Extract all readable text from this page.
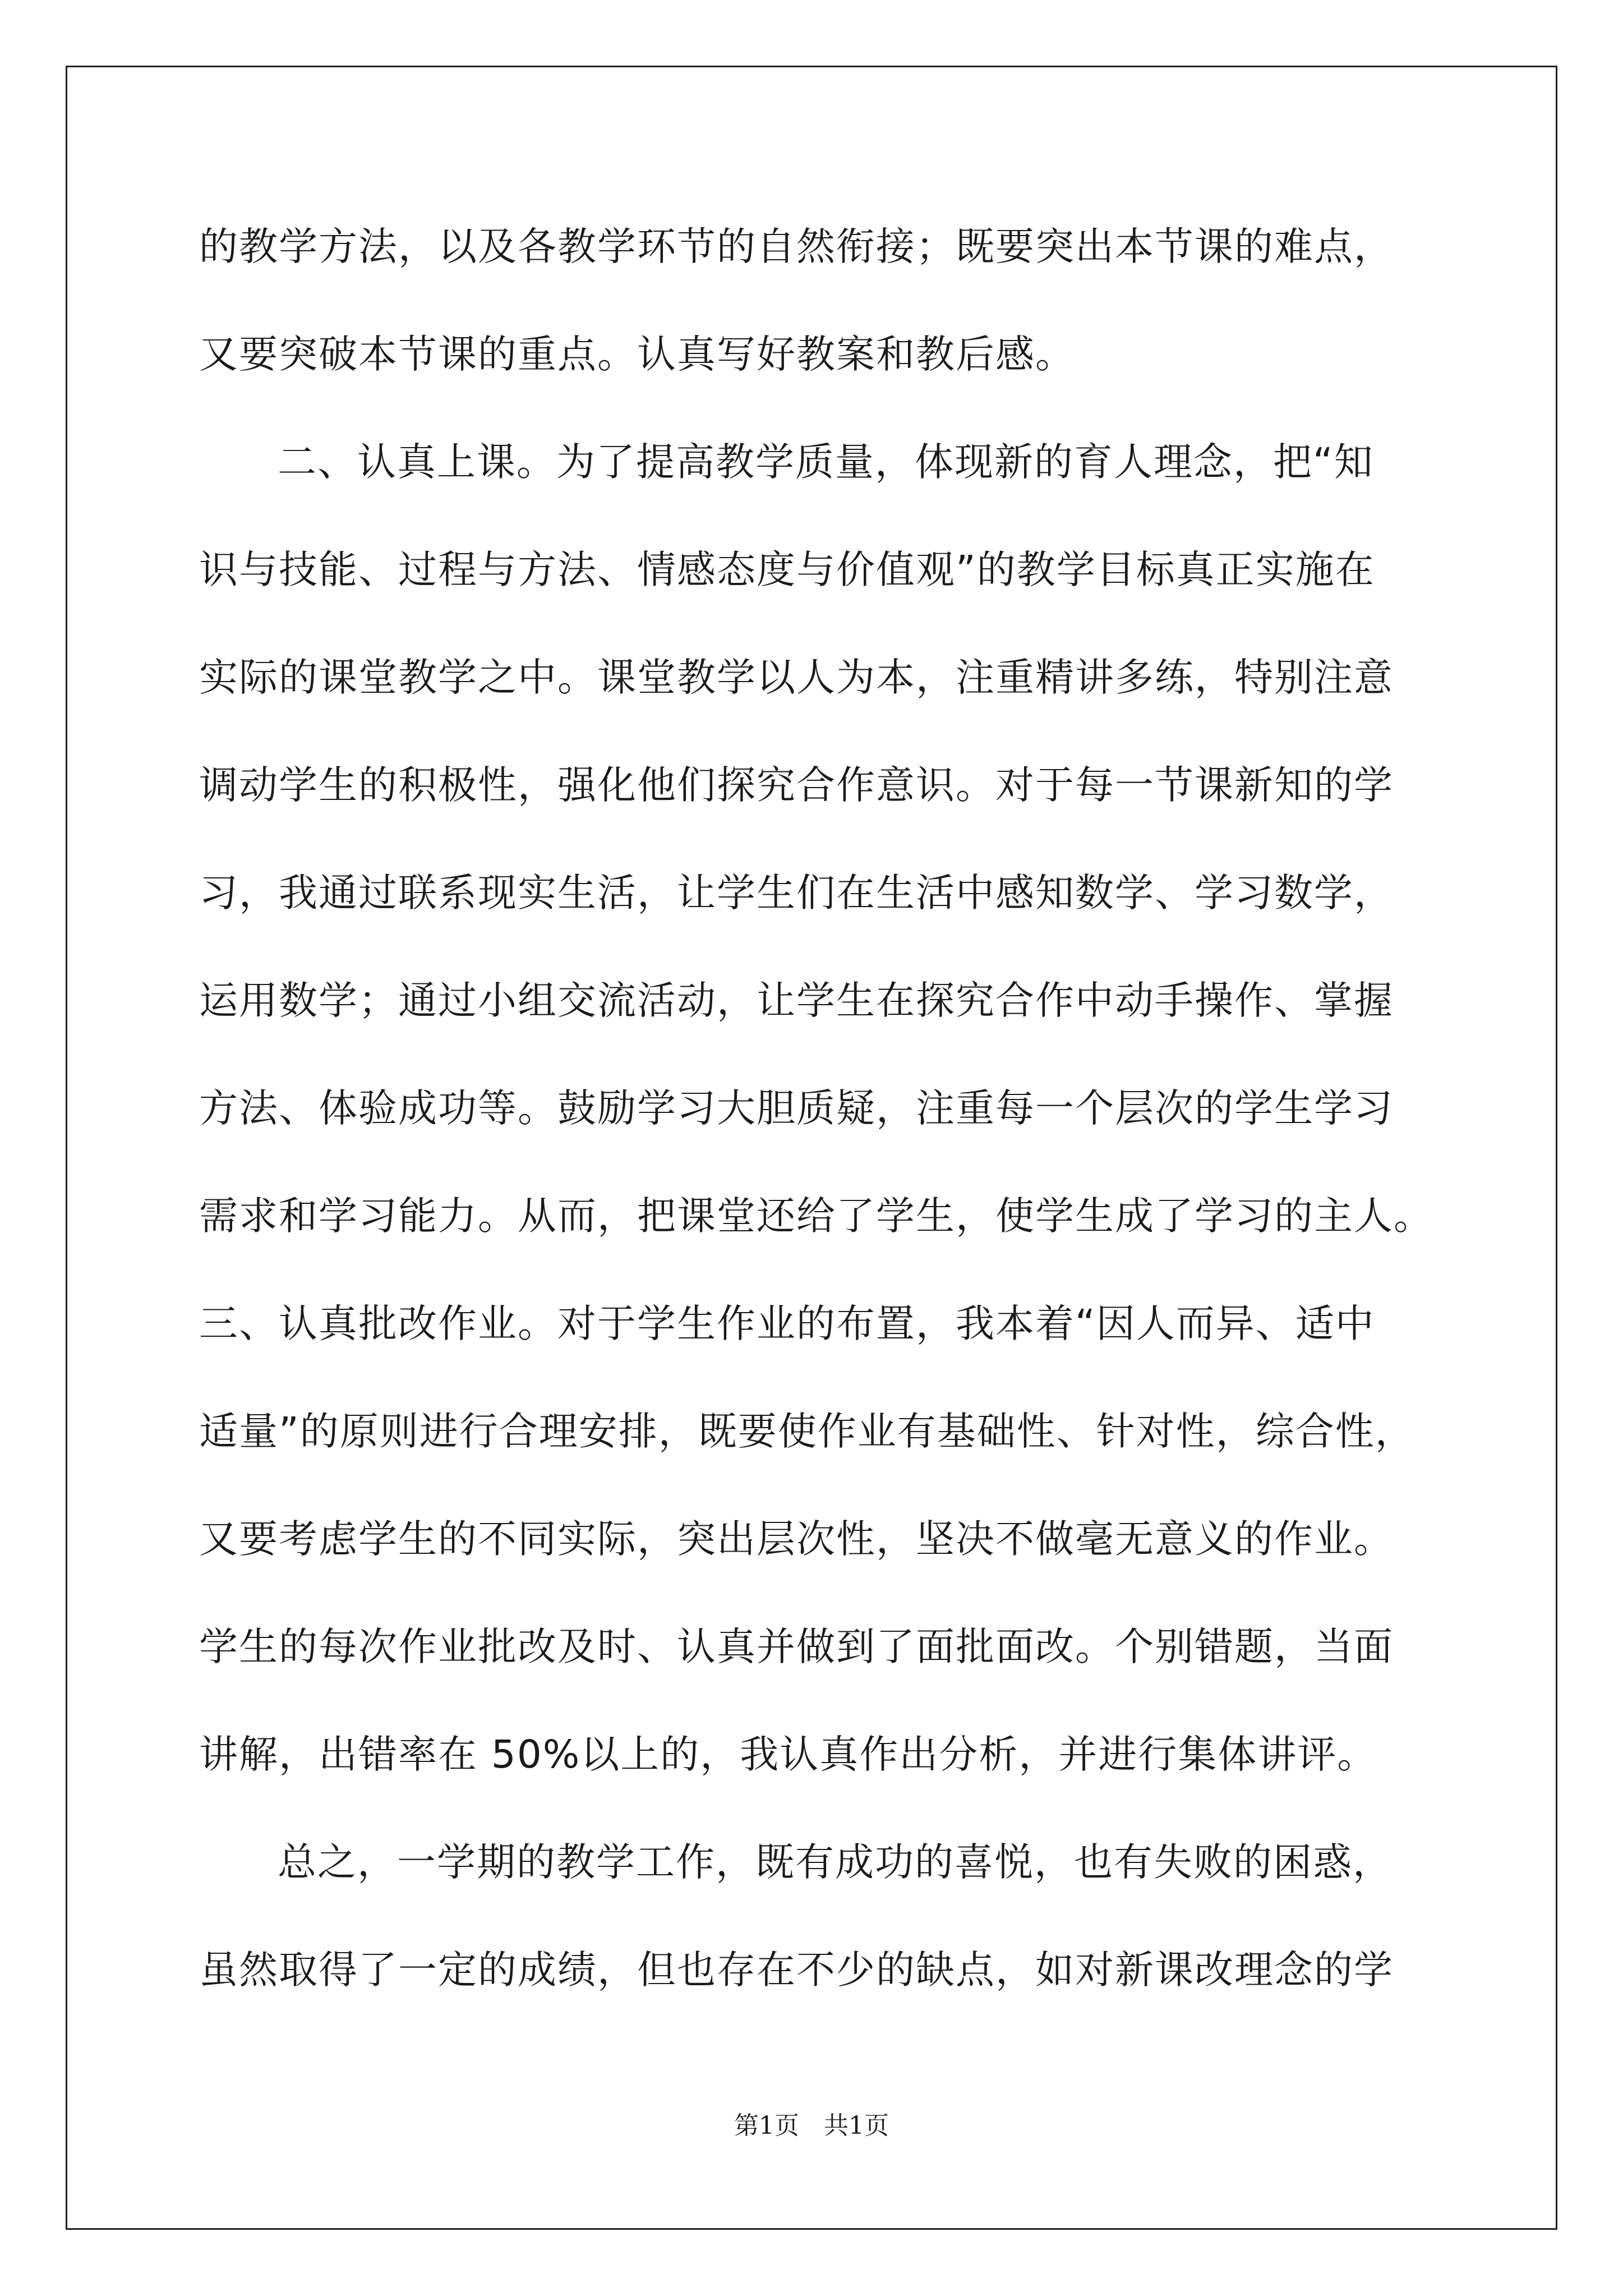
的教学方法，以及各教学环节的自然衔接；既要突出本节课的难点，
又要突破本节课的重点。认真写好教案和教后感。
二、认真上课。为了提高教学质量，体现新的育人理念，把“知
识与技能、过程与方法、情感态度与价值观”的教学目标真正实施在
实际的课堂教学之中。课堂教学以人为本，注重精讲多练，特别注意
调动学生的积极性，强化他们探究合作意识。对于每一节课新知的学
习，我通过联系现实生活，让学生们在生活中感知数学、学习数学，
运用数学；通过小组交流活动，让学生在探究合作中动手操作、掌握
方法、体验成功等。鼓励学习大胆质疑，注重每一个层次的学生学习
需求和学习能力。从而，把课堂还给了学生，使学生成了学习的主人。
三、认真批改作业。对于学生作业的布置，我本着“因人而异、适中
适量”的原则进行合理安排，既要使作业有基础性、针对性，综合性，
又要考虑学生的不同实际，突出层次性，坚决不做毫无意义的作业。
学生的每次作业批改及时、认真并做到了面批面改。个别错题，当面
讲解，出错率在 50%以上的，我认真作出分析，并进行集体讲评。
总之，一学期的教学工作，既有成功的喜悦，也有失败的困惑，
虽然取得了一定的成绩，但也存在不少的缺点，如对新课改理念的学
第1页　共1页
